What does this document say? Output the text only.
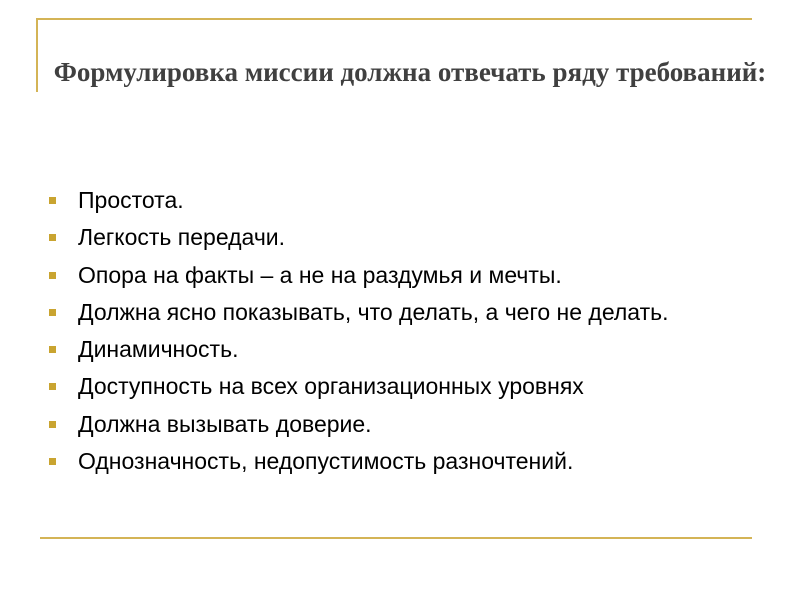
Формулировка миссии должна отвечать ряду требований:
Простота.
Легкость передачи.
Опора на факты – а не на раздумья и мечты.
Должна ясно показывать, что делать, а чего не делать.
Динамичность.
Доступность на всех организационных уровнях
Должна вызывать доверие.
Однозначность, недопустимость разночтений.
